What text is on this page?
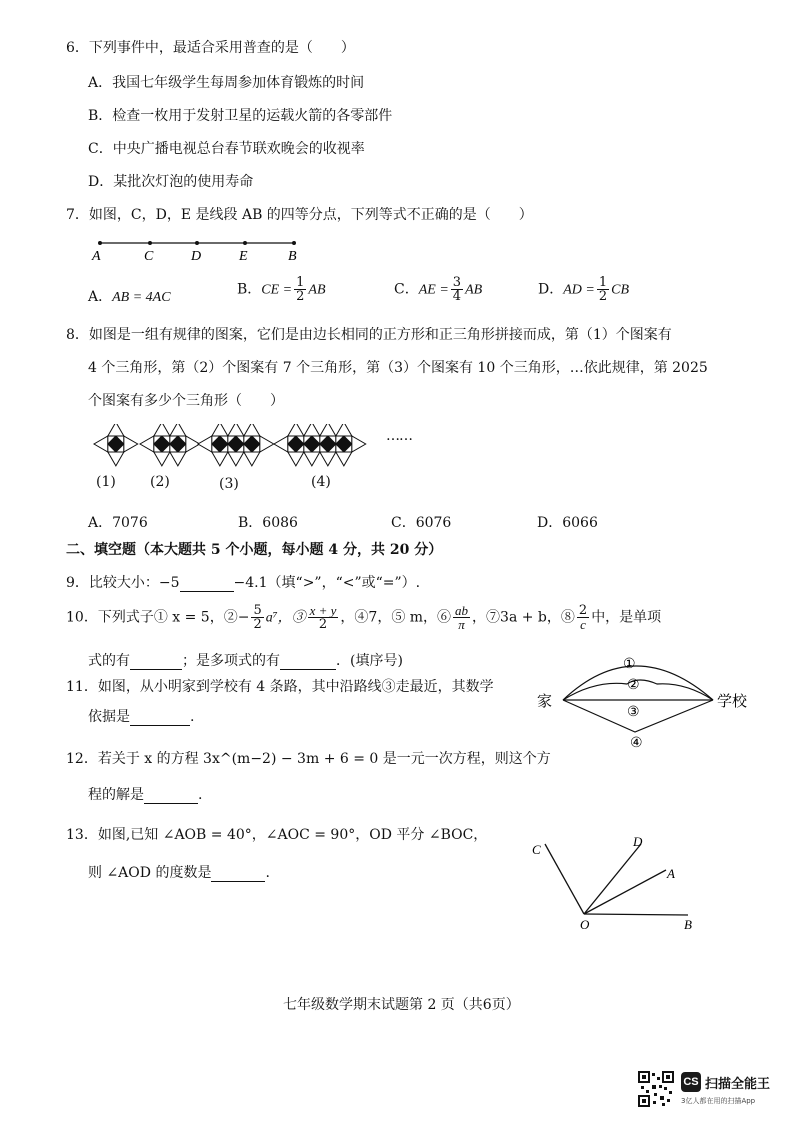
6．下列事件中，最适合采用普查的是（　　）
A．我国七年级学生每周参加体育锻炼的时间
B．检查一枚用于发射卫星的运载火箭的各零部件
C．中央广播电视总台春节联欢晚会的收视率
D．某批次灯泡的使用寿命
7．如图，C，D，E 是线段 AB 的四等分点，下列等式不正确的是（　　）
A	C	D	E	B
A．AB = 4AC	B．CE = $\frac{1}{2}$ AB	C．AE = $\frac{3}{4}$ AB	D．AD = $\frac{1}{2}$ CB
8．如图是一组有规律的图案，它们是由边长相同的正方形和正三角形拼接而成，第（1）个图案有
4 个三角形，第（2）个图案有 7 个三角形，第（3）个图案有 10 个三角形，…依此规律，第 2025
个图案有多少个三角形（　　）
……
(1) (2)	(3)	(4)
A．7076	B．6086	C．6076	D．6066
二、填空题（本大题共 5 个小题，每小题 4 分，共 20 分）
9．比较大小：−5	−4.1（填“>”，“<”或“=”）.
10．下列式子① x = 5，②− $\frac{5}{2} a^7$，③ $\frac{x + y}{2}$ ，④7，⑤ m，⑥ $\frac{ab}{\pi}$ ，⑦3a + b，⑧ $\frac{2}{c}$ 中，是单项
式的有	；是多项式的有	．(填序号)
11．如图，从小明家到学校有 4 条路，其中沿路线③走最近，其数学
依据是	.
家	学校
①
②
③
④
12．若关于 x 的方程 3x^(m−2) − 3m + 6 = 0 是一元一次方程，则这个方
程的解是	.
13．如图,已知 ∠AOB = 40°，∠AOC = 90°，OD 平分 ∠BOC，
则 ∠AOD 的度数是	.
C
D
A
O	B
七年级数学期末试题第 2 页（共6页）
CS 扫描全能王
3亿人都在用的扫描App
